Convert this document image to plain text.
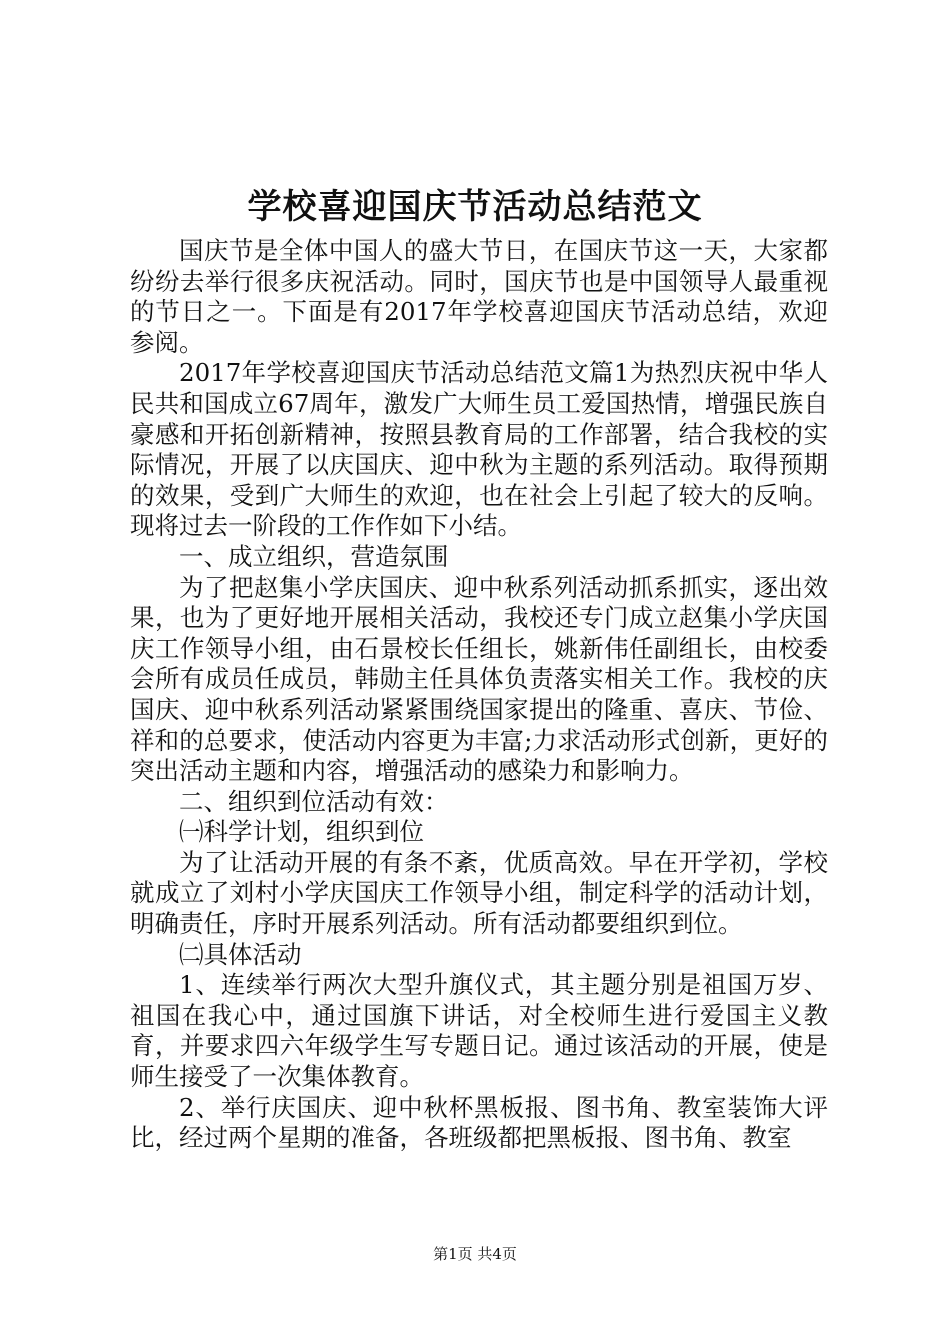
学校喜迎国庆节活动总结范文

国庆节是全体中国人的盛大节日，在国庆节这一天，大家都纷纷去举行很多庆祝活动。同时，国庆节也是中国领导人最重视的节日之一。下面是有2017年学校喜迎国庆节活动总结，欢迎参阅。

2017年学校喜迎国庆节活动总结范文篇1为热烈庆祝中华人民共和国成立67周年，激发广大师生员工爱国热情，增强民族自豪感和开拓创新精神，按照县教育局的工作部署，结合我校的实际情况，开展了以庆国庆、迎中秋为主题的系列活动。取得预期的效果，受到广大师生的欢迎，也在社会上引起了较大的反响。现将过去一阶段的工作作如下小结。

一、成立组织，营造氛围

为了把赵集小学庆国庆、迎中秋系列活动抓系抓实，逐出效果，也为了更好地开展相关活动，我校还专门成立赵集小学庆国庆工作领导小组，由石景校长任组长，姚新伟任副组长，由校委会所有成员任成员，韩勋主任具体负责落实相关工作。我校的庆国庆、迎中秋系列活动紧紧围绕国家提出的隆重、喜庆、节俭、祥和的总要求，使活动内容更为丰富;力求活动形式创新，更好的突出活动主题和内容，增强活动的感染力和影响力。

二、组织到位活动有效：

㈠科学计划，组织到位

为了让活动开展的有条不紊，优质高效。早在开学初，学校就成立了刘村小学庆国庆工作领导小组，制定科学的活动计划，明确责任，序时开展系列活动。所有活动都要组织到位。

㈡具体活动

1、连续举行两次大型升旗仪式，其主题分别是祖国万岁、祖国在我心中，通过国旗下讲话，对全校师生进行爱国主义教育，并要求四六年级学生写专题日记。通过该活动的开展，使是师生接受了一次集体教育。

2、举行庆国庆、迎中秋杯黑板报、图书角、教室装饰大评比，经过两个星期的准备，各班级都把黑板报、图书角、教室

第1页 共4页
